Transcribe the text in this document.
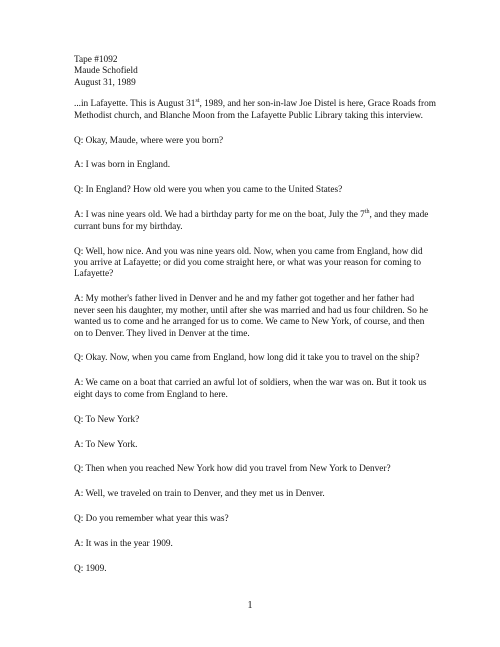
Tape #1092
Maude Schofield
August 31, 1989

...in Lafayette. This is August 31st, 1989, and her son-in-law Joe Distel is here, Grace Roads from Methodist church, and Blanche Moon from the Lafayette Public Library taking this interview.

Q: Okay, Maude, where were you born?

A: I was born in England.

Q: In England? How old were you when you came to the United States?

A: I was nine years old. We had a birthday party for me on the boat, July the 7th, and they made currant buns for my birthday.

Q: Well, how nice. And you was nine years old. Now, when you came from England, how did you arrive at Lafayette; or did you come straight here, or what was your reason for coming to Lafayette?

A: My mother's father lived in Denver and he and my father got together and her father had never seen his daughter, my mother, until after she was married and had us four children. So he wanted us to come and he arranged for us to come. We came to New York, of course, and then on to Denver. They lived in Denver at the time.

Q: Okay. Now, when you came from England, how long did it take you to travel on the ship?

A: We came on a boat that carried an awful lot of soldiers, when the war was on. But it took us eight days to come from England to here.

Q: To New York?

A: To New York.

Q: Then when you reached New York how did you travel from New York to Denver?

A: Well, we traveled on train to Denver, and they met us in Denver.

Q: Do you remember what year this was?

A: It was in the year 1909.

Q: 1909.

1
